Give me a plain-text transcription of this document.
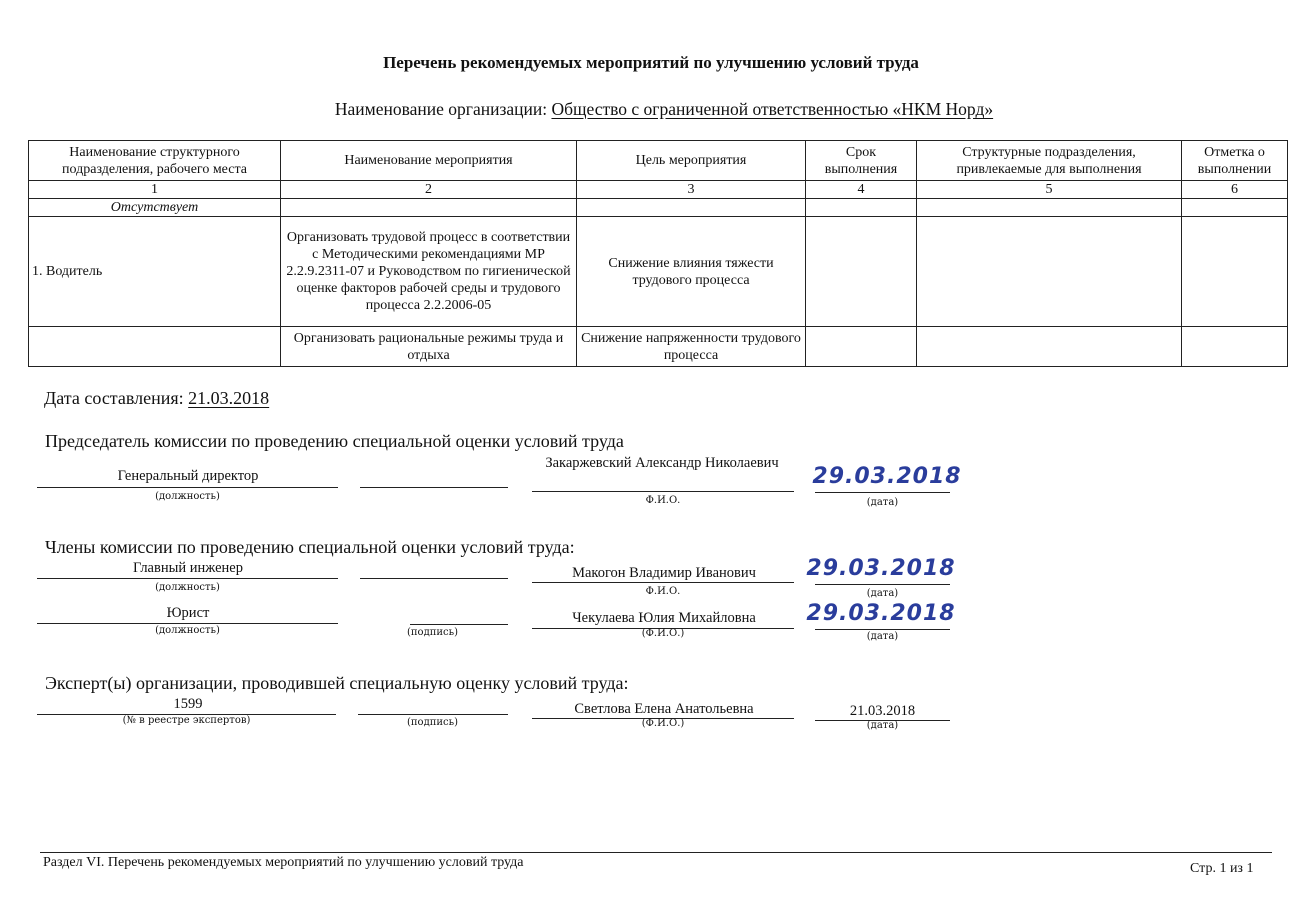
Перечень рекомендуемых мероприятий по улучшению условий труда
Наименование организации: Общество с ограниченной ответственностью «НКМ Норд»
Наименование структурного подразделения, рабочего места	Наименование мероприятия	Цель мероприятия	Срок выполнения	Структурные подразделения, привлекаемые для выполнения	Отметка о выполнении
1	2	3	4	5	6
Отсутствует					
1. Водитель	Организовать трудовой процесс в соответствии с Методическими рекомендациями МР 2.2.9.2311-07 и Руководством по гигиенической оценке факторов рабочей среды и трудового процесса 2.2.2006-05	Снижение влияния тяжести трудового процесса			
	Организовать рациональные режимы труда и отдыха	Снижение напряженности трудового процесса			
Дата составления: 21.03.2018
Председатель комиссии по проведению специальной оценки условий труда
Генеральный директор
(должность)
Закаржевский Александр Николаевич
Ф.И.О.
29.03.2018
(дата)
Члены комиссии по проведению специальной оценки условий труда:
Главный инженер
(должность)
Макогон Владимир Иванович
Ф.И.О.
29.03.2018
(дата)
Юрист
(должность)	(подпись)
Чекулаева Юлия Михайловна
(Ф.И.О.)
29.03.2018
(дата)
Эксперт(ы) организации, проводившей специальную оценку условий труда:
1599
(№ в реестре экспертов)	(подпись)
Светлова Елена Анатольевна
(Ф.И.О.)
21.03.2018
(дата)
Раздел VI. Перечень рекомендуемых мероприятий по улучшению условий труда	Стр. 1 из 1
